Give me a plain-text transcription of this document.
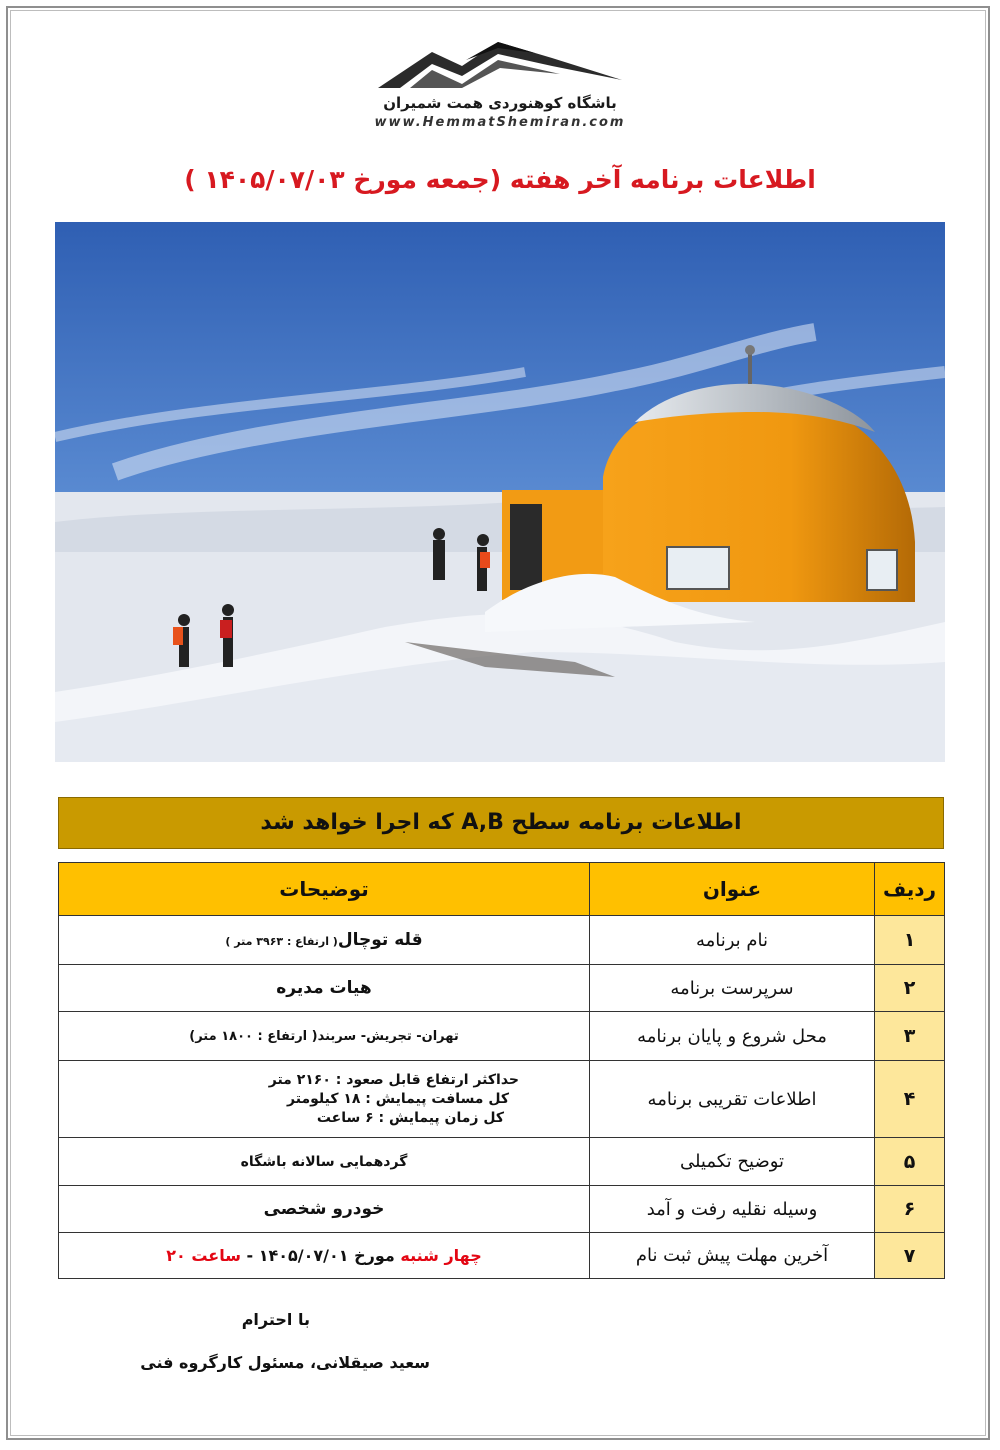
باشگاه کوهنوردی همت شمیران
www.HemmatShemiran.com
اطلاعات برنامه آخر هفته (جمعه مورخ ۱۴۰۵/۰۷/۰۳ )
اطلاعات برنامه سطح A,B که اجرا خواهد شد
ردیف	عنوان	توضیحات
۱	نام برنامه	قله توچال( ارتفاع : ۳۹۶۳ متر )
۲	سرپرست برنامه	هیات مدیره
۳	محل شروع و پایان برنامه	تهران- تجریش- سربند( ارتفاع : ۱۸۰۰ متر)
۴	اطلاعات تقریبی برنامه	حداکثر ارتفاع قابل صعود : ۲۱۶۰ متر
کل مسافت پیمایش : ۱۸ کیلومتر
کل زمان پیمایش : ۶ ساعت

۵	توضیح تکمیلی	گردهمایی سالانه باشگاه
۶	وسیله نقلیه رفت و آمد	خودرو شخصی
۷	آخرین مهلت پیش ثبت نام	چهار شنبه مورخ ۱۴۰۵/۰۷/۰۱ - ساعت ۲۰
با احترام
سعید صیقلانی، مسئول کارگروه فنی
